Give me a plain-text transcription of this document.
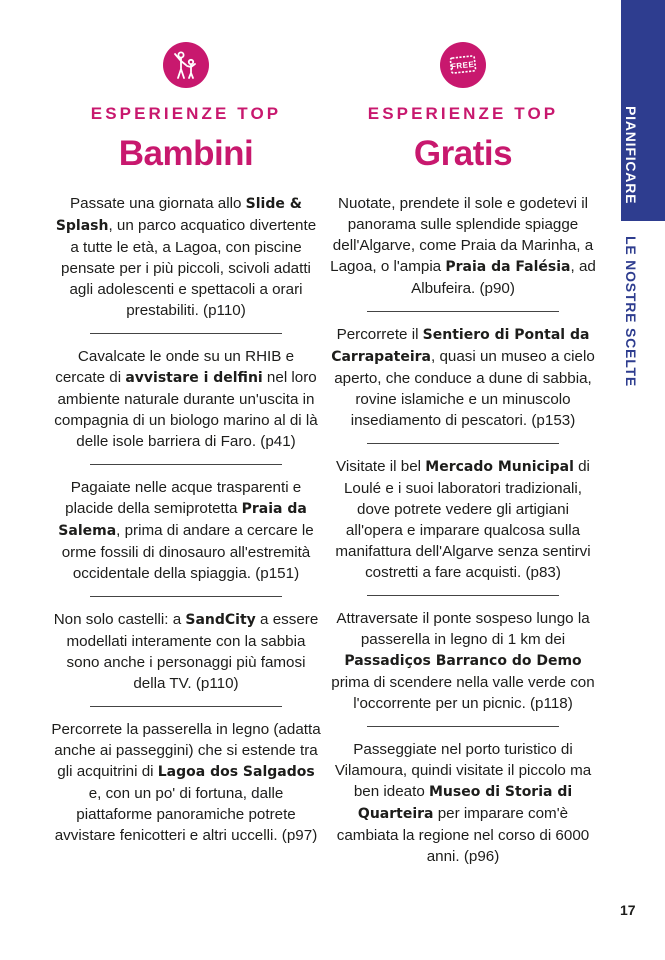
ESPERIENZE TOP
Bambini
Passate una giornata allo Slide & Splash, un parco acquatico divertente a tutte le età, a Lagoa, con piscine pensate per i più piccoli, scivoli adatti agli adolescenti e spettacoli a orari prestabiliti. (p110)
Cavalcate le onde su un RHIB e cercate di avvistare i delfini nel loro ambiente naturale durante un'uscita in compagnia di un biologo marino al di là delle isole barriera di Faro. (p41)
Pagaiate nelle acque trasparenti e placide della semiprotetta Praia da Salema, prima di andare a cercare le orme fossili di dinosauro all'estremità occidentale della spiaggia. (p151)
Non solo castelli: a SandCity a essere modellati interamente con la sabbia sono anche i personaggi più famosi della TV. (p110)
Percorrete la passerella in legno (adatta anche ai passeggini) che si estende tra gli acquitrini di Lagoa dos Salgados e, con un po' di fortuna, dalle piattaforme panoramiche potrete avvistare fenicotteri e altri uccelli. (p97)
FREE
ESPERIENZE TOP
Gratis
Nuotate, prendete il sole e godetevi il panorama sulle splendide spiagge dell'Algarve, come Praia da Marinha, a Lagoa, o l'ampia Praia da Falésia, ad Albufeira. (p90)
Percorrete il Sentiero di Pontal da Carrapateira, quasi un museo a cielo aperto, che conduce a dune di sabbia, rovine islamiche e un minuscolo insediamento di pescatori. (p153)
Visitate il bel Mercado Municipal di Loulé e i suoi laboratori tradizionali, dove potrete vedere gli artigiani all'opera e imparare qualcosa sulla manifattura dell'Algarve senza sentirvi costretti a fare acquisti. (p83)
Attraversate il ponte sospeso lungo la passerella in legno di 1 km dei Passadiços Barranco do Demo prima di scendere nella valle verde con l'occorrente per un picnic. (p118)
Passeggiate nel porto turistico di Vilamoura, quindi visitate il piccolo ma ben ideato Museo di Storia di Quarteira per imparare com'è cambiata la regione nel corso di 6000 anni. (p96)
PIANIFICARE
LE NOSTRE SCELTE
17
